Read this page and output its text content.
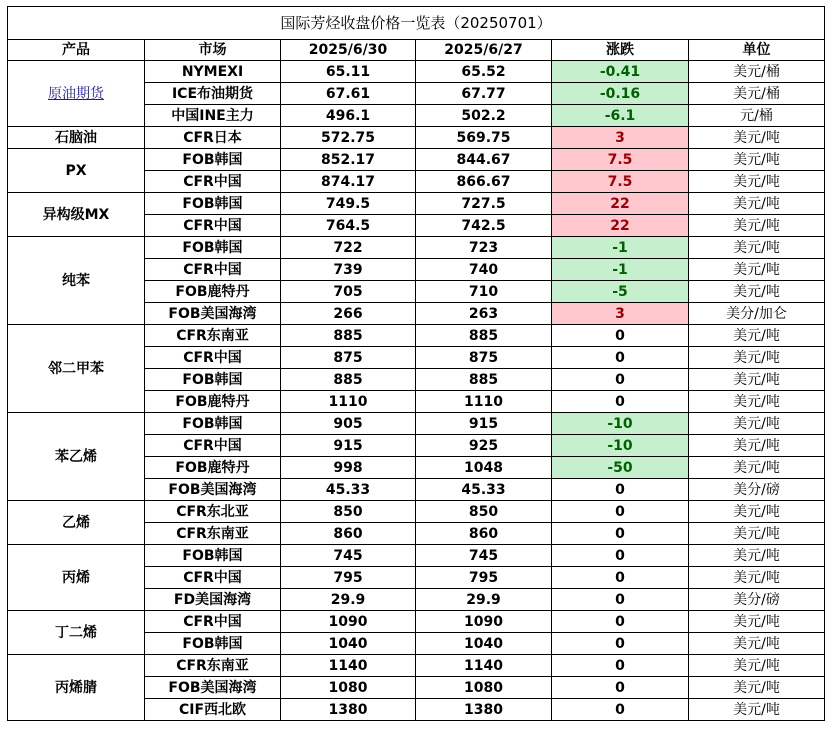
国际芳烃收盘价格一览表（20250701）					
产品	市场	2025/6/30	2025/6/27	涨跌	单位
原油期货	NYMEXI	65.11	65.52	-0.41	美元/桶
	ICE布油期货	67.61	67.77	-0.16	美元/桶
	中国INE主力	496.1	502.2	-6.1	元/桶
石脑油	CFR日本	572.75	569.75	3	美元/吨
PX	FOB韩国	852.17	844.67	7.5	美元/吨
	CFR中国	874.17	866.67	7.5	美元/吨
异构级MX	FOB韩国	749.5	727.5	22	美元/吨
	CFR中国	764.5	742.5	22	美元/吨
纯苯	FOB韩国	722	723	-1	美元/吨
	CFR中国	739	740	-1	美元/吨
	FOB鹿特丹	705	710	-5	美元/吨
	FOB美国海湾	266	263	3	美分/加仑
邻二甲苯	CFR东南亚	885	885	0	美元/吨
	CFR中国	875	875	0	美元/吨
	FOB韩国	885	885	0	美元/吨
	FOB鹿特丹	1110	1110	0	美元/吨
苯乙烯	FOB韩国	905	915	-10	美元/吨
	CFR中国	915	925	-10	美元/吨
	FOB鹿特丹	998	1048	-50	美元/吨
	FOB美国海湾	45.33	45.33	0	美分/磅
乙烯	CFR东北亚	850	850	0	美元/吨
	CFR东南亚	860	860	0	美元/吨
丙烯	FOB韩国	745	745	0	美元/吨
	CFR中国	795	795	0	美元/吨
	FD美国海湾	29.9	29.9	0	美分/磅
丁二烯	CFR中国	1090	1090	0	美元/吨
	FOB韩国	1040	1040	0	美元/吨
丙烯腈	CFR东南亚	1140	1140	0	美元/吨
	FOB美国海湾	1080	1080	0	美元/吨
	CIF西北欧	1380	1380	0	美元/吨
